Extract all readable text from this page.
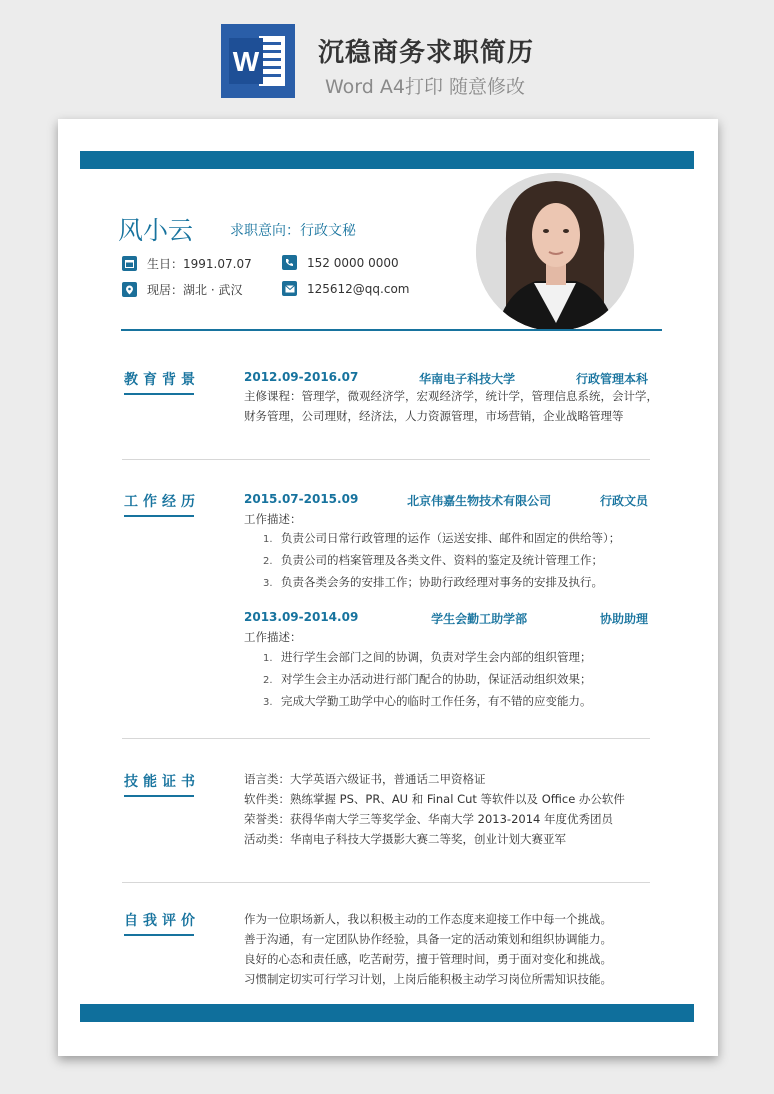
W 沉稳商务求职简历
Word A4打印 随意修改
风小云	求职意向：行政文秘
生日：1991.07.07	152 0000 0000
现居：湖北 · 武汉	125612@qq.com
教育背景	2012.09-2016.07	华南电子科技大学	行政管理本科
主修课程：管理学，微观经济学，宏观经济学，统计学，管理信息系统，会计学，
财务管理，公司理财，经济法，人力资源管理，市场营销，企业战略管理等
工作经历	2015.07-2015.09	北京伟嘉生物技术有限公司	行政文员
工作描述：
1. 负责公司日常行政管理的运作（运送安排、邮件和固定的供给等）；
2. 负责公司的档案管理及各类文件、资料的鉴定及统计管理工作；
3. 负责各类会务的安排工作；协助行政经理对事务的安排及执行。
2013.09-2014.09	学生会勤工助学部	协助助理
工作描述：
1. 进行学生会部门之间的协调，负责对学生会内部的组织管理；
2. 对学生会主办活动进行部门配合的协助，保证活动组织效果；
3. 完成大学勤工助学中心的临时工作任务，有不错的应变能力。
技能证书	语言类：大学英语六级证书，普通话二甲资格证
软件类：熟练掌握 PS、PR、AU 和 Final Cut 等软件以及 Office 办公软件
荣誉类：获得华南大学三等奖学金、华南大学 2013-2014 年度优秀团员
活动类：华南电子科技大学摄影大赛二等奖，创业计划大赛亚军
自我评价	作为一位职场新人，我以积极主动的工作态度来迎接工作中每一个挑战。
善于沟通，有一定团队协作经验，具备一定的活动策划和组织协调能力。
良好的心态和责任感，吃苦耐劳，擅于管理时间，勇于面对变化和挑战。
习惯制定切实可行学习计划，上岗后能积极主动学习岗位所需知识技能。
